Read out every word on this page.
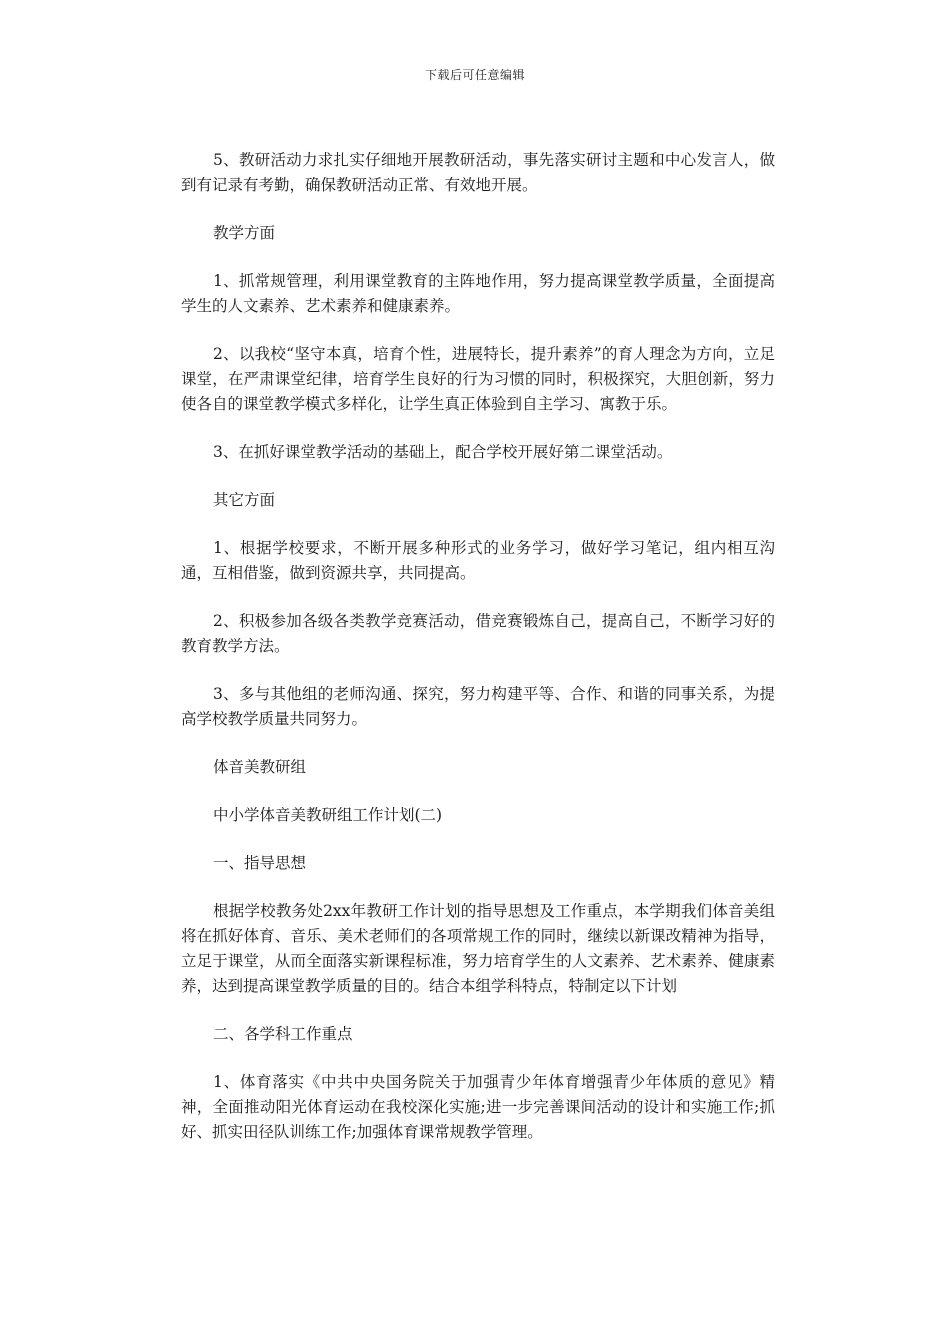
下载后可任意编辑

5、教研活动力求扎实仔细地开展教研活动，事先落实研讨主题和中心发言人，做到有记录有考勤，确保教研活动正常、有效地开展。

教学方面

1、抓常规管理，利用课堂教育的主阵地作用，努力提高课堂教学质量，全面提高学生的人文素养、艺术素养和健康素养。

2、以我校“坚守本真，培育个性，进展特长，提升素养”的育人理念为方向，立足课堂，在严肃课堂纪律，培育学生良好的行为习惯的同时，积极探究，大胆创新，努力使各自的课堂教学模式多样化，让学生真正体验到自主学习、寓教于乐。

3、在抓好课堂教学活动的基础上，配合学校开展好第二课堂活动。

其它方面

1、根据学校要求，不断开展多种形式的业务学习，做好学习笔记，组内相互沟通，互相借鉴，做到资源共享，共同提高。

2、积极参加各级各类教学竞赛活动，借竞赛锻炼自己，提高自己，不断学习好的教育教学方法。

3、多与其他组的老师沟通、探究，努力构建平等、合作、和谐的同事关系，为提高学校教学质量共同努力。

体音美教研组

中小学体音美教研组工作计划(二)

一、指导思想

根据学校教务处2xx年教研工作计划的指导思想及工作重点，本学期我们体音美组将在抓好体育、音乐、美术老师们的各项常规工作的同时，继续以新课改精神为指导，立足于课堂，从而全面落实新课程标准，努力培育学生的人文素养、艺术素养、健康素养，达到提高课堂教学质量的目的。结合本组学科特点，特制定以下计划

二、各学科工作重点

1、体育落实《中共中央国务院关于加强青少年体育增强青少年体质的意见》精神，全面推动阳光体育运动在我校深化实施;进一步完善课间活动的设计和实施工作;抓好、抓实田径队训练工作;加强体育课常规教学管理。
